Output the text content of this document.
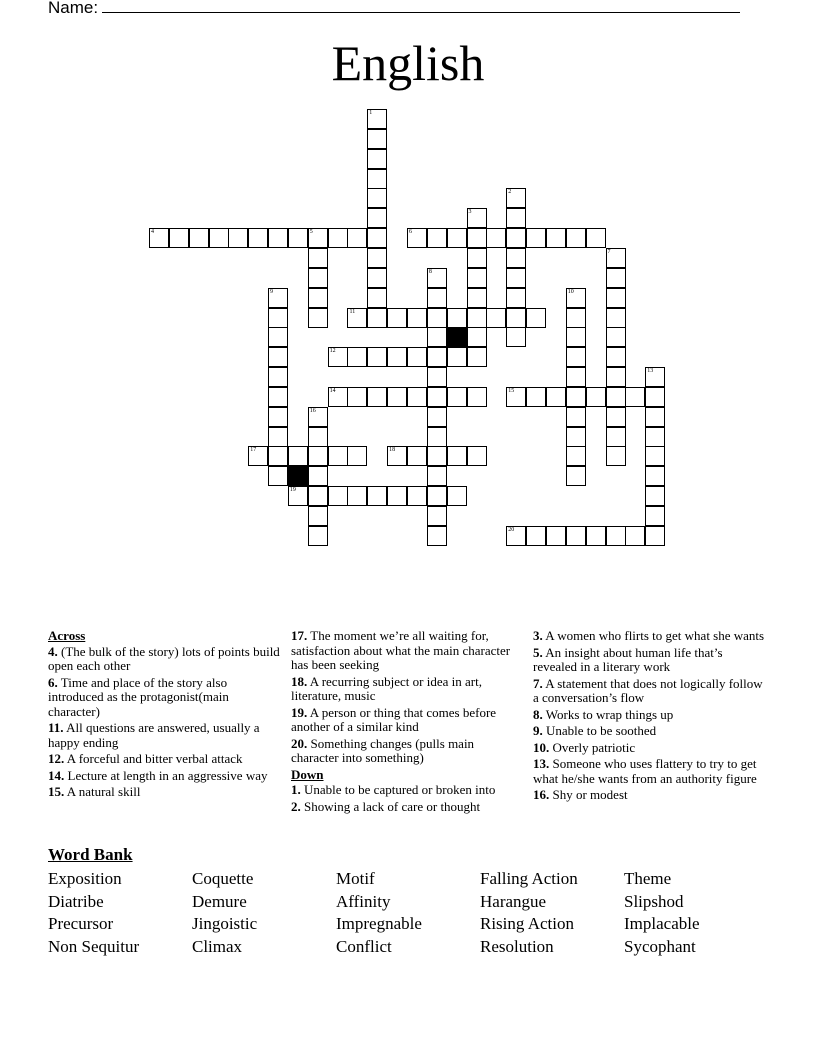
Name:
English
1
2
3
5
7
8
9	10
13
16
4	6
11
12
14	15
17	18
19
20
Across
4. (The bulk of the story) lots of points build open each other
6. Time and place of the story also introduced as the protagonist(main character)
11. All questions are answered, usually a happy ending
12. A forceful and bitter verbal attack
14. Lecture at length in an aggressive way
15. A natural skill
17. The moment we’re all waiting for, satisfaction about what the main character has been seeking
18. A recurring subject or idea in art, literature, music
19. A person or thing that comes before another of a similar kind
20. Something changes (pulls main character into something)
Down
1. Unable to be captured or broken into
2. Showing a lack of care or thought
3. A women who flirts to get what she wants
5. An insight about human life that’s revealed in a literary work
7. A statement that does not logically follow a conversation’s flow
8. Works to wrap things up
9. Unable to be soothed
10. Overly patriotic
13. Someone who uses flattery to try to get what he/she wants from an authority figure
16. Shy or modest
Word Bank
Exposition	Coquette	Motif	Falling Action	Theme
Diatribe	Demure	Affinity	Harangue	Slipshod
Precursor	Jingoistic	Impregnable	Rising Action	Implacable
Non Sequitur	Climax	Conflict	Resolution	Sycophant
